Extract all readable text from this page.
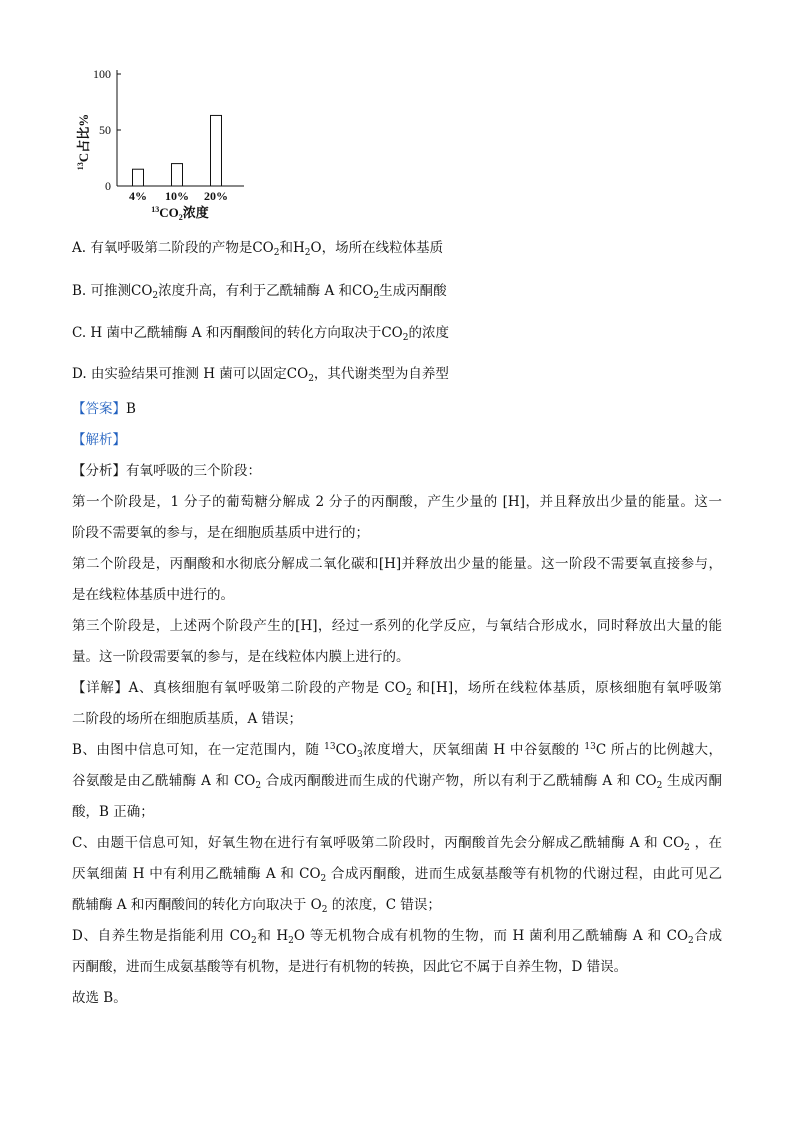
$^{13}$C占比%
100
50
0
4% 10% 20%
$^{13}CO_2$浓度
A. 有氧呼吸第二阶段的产物是$CO_2$和$H_2O$，场所在线粒体基质
B. 可推测$CO_2$浓度升高，有利于乙酰辅酶 A 和$CO_2$生成丙酮酸
C. H 菌中乙酰辅酶 A 和丙酮酸间的转化方向取决于$CO_2$的浓度
D. 由实验结果可推测 H 菌可以固定$CO_2$，其代谢类型为自养型
【答案】B
【解析】
【分析】有氧呼吸的三个阶段：
第一个阶段是，1 分子的葡萄糖分解成 2 分子的丙酮酸，产生少量的 [H]，并且释放出少量的能量。这一
阶段不需要氧的参与，是在细胞质基质中进行的；
第二个阶段是，丙酮酸和水彻底分解成二氧化碳和[H]并释放出少量的能量。这一阶段不需要氧直接参与，
是在线粒体基质中进行的。
第三个阶段是，上述两个阶段产生的[H]，经过一系列的化学反应，与氧结合形成水，同时释放出大量的能
量。这一阶段需要氧的参与，是在线粒体内膜上进行的。
【详解】A、真核细胞有氧呼吸第二阶段的产物是 $CO_2$ 和[H]，场所在线粒体基质，原核细胞有氧呼吸第
二阶段的场所在细胞质基质，A 错误；
B、由图中信息可知，在一定范围内，随 $^{13}CO_3$浓度增大，厌氧细菌 H 中谷氨酸的 $^{13}$C 所占的比例越大，
谷氨酸是由乙酰辅酶 A 和 $CO_2$ 合成丙酮酸进而生成的代谢产物，所以有利于乙酰辅酶 A 和 $CO_2$ 生成丙酮
酸，B 正确；
C、由题干信息可知，好氧生物在进行有氧呼吸第二阶段时，丙酮酸首先会分解成乙酰辅酶 A 和 $CO_2$ ，在
厌氧细菌 H 中有利用乙酰辅酶 A 和 $CO_2$ 合成丙酮酸，进而生成氨基酸等有机物的代谢过程，由此可见乙
酰辅酶 A 和丙酮酸间的转化方向取决于 $O_2$ 的浓度，C 错误；
D、自养生物是指能利用 $CO_2$和 $H_2O$ 等无机物合成有机物的生物，而 H 菌利用乙酰辅酶 A 和 $CO_2$合成
丙酮酸，进而生成氨基酸等有机物，是进行有机物的转换，因此它不属于自养生物，D 错误。
故选 B。
